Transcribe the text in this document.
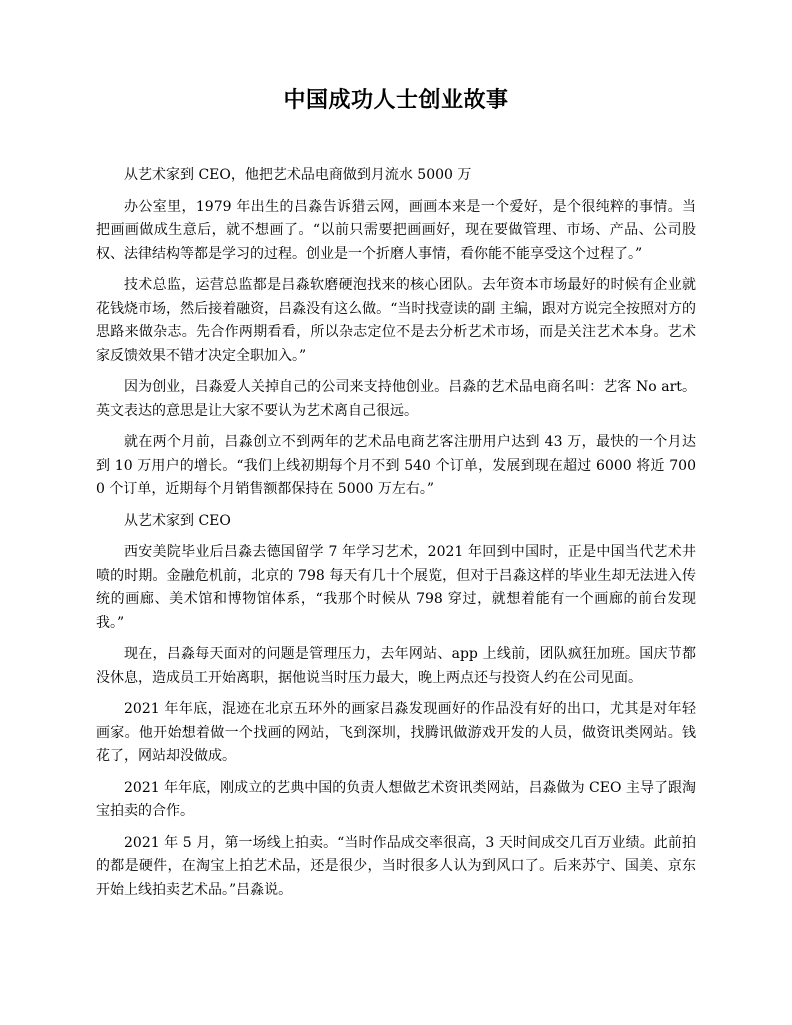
中国成功人士创业故事

从艺术家到 CEO，他把艺术品电商做到月流水 5000 万

办公室里，1979 年出生的吕淼告诉猎云网，画画本来是一个爱好，是个很纯粹的事情。当把画画做成生意后，就不想画了。“以前只需要把画画好，现在要做管理、市场、产品、公司股权、法律结构等都是学习的过程。创业是一个折磨人事情，看你能不能享受这个过程了。”

技术总监，运营总监都是吕淼软磨硬泡找来的核心团队。去年资本市场最好的时候有企业就花钱烧市场，然后接着融资，吕淼没有这么做。“当时找壹读的副 主编，跟对方说完全按照对方的思路来做杂志。先合作两期看看，所以杂志定位不是去分析艺术市场，而是关注艺术本身。艺术家反馈效果不错才决定全职加入。”

因为创业，吕淼爱人关掉自己的公司来支持他创业。吕淼的艺术品电商名叫：艺客 No art。英文表达的意思是让大家不要认为艺术离自己很远。

就在两个月前，吕淼创立不到两年的艺术品电商艺客注册用户达到 43 万，最快的一个月达到 10 万用户的增长。“我们上线初期每个月不到 540 个订单，发展到现在超过 6000 将近 7000 个订单，近期每个月销售额都保持在 5000 万左右。”

从艺术家到 CEO

西安美院毕业后吕淼去德国留学 7 年学习艺术，2021 年回到中国时，正是中国当代艺术井喷的时期。金融危机前，北京的 798 每天有几十个展览，但对于吕淼这样的毕业生却无法进入传统的画廊、美术馆和博物馆体系，“我那个时候从 798 穿过，就想着能有一个画廊的前台发现我。”

现在，吕淼每天面对的问题是管理压力，去年网站、app 上线前，团队疯狂加班。国庆节都没休息，造成员工开始离职，据他说当时压力最大，晚上两点还与投资人约在公司见面。

2021 年年底，混迹在北京五环外的画家吕淼发现画好的作品没有好的出口，尤其是对年轻画家。他开始想着做一个找画的网站，飞到深圳，找腾讯做游戏开发的人员，做资讯类网站。钱花了，网站却没做成。

2021 年年底，刚成立的艺典中国的负责人想做艺术资讯类网站，吕淼做为 CEO 主导了跟淘宝拍卖的合作。

2021 年 5 月，第一场线上拍卖。“当时作品成交率很高，3 天时间成交几百万业绩。此前拍的都是硬件，在淘宝上拍艺术品，还是很少，当时很多人认为到风口了。后来苏宁、国美、京东开始上线拍卖艺术品。”吕淼说。
